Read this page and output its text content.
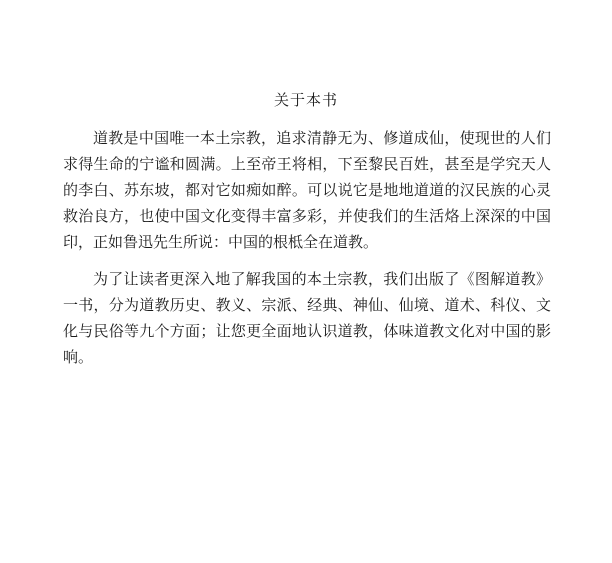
关于本书

道教是中国唯一本土宗教，追求清静无为、修道成仙，使现世的人们求得生命的宁谧和圆满。上至帝王将相，下至黎民百姓，甚至是学究天人的李白、苏东坡，都对它如痴如醉。可以说它是地地道道的汉民族的心灵救治良方，也使中国文化变得丰富多彩，并使我们的生活烙上深深的中国印，正如鲁迅先生所说：中国的根柢全在道教。

为了让读者更深入地了解我国的本土宗教，我们出版了《图解道教》一书，分为道教历史、教义、宗派、经典、神仙、仙境、道术、科仪、文化与民俗等九个方面；让您更全面地认识道教，体味道教文化对中国的影响。
